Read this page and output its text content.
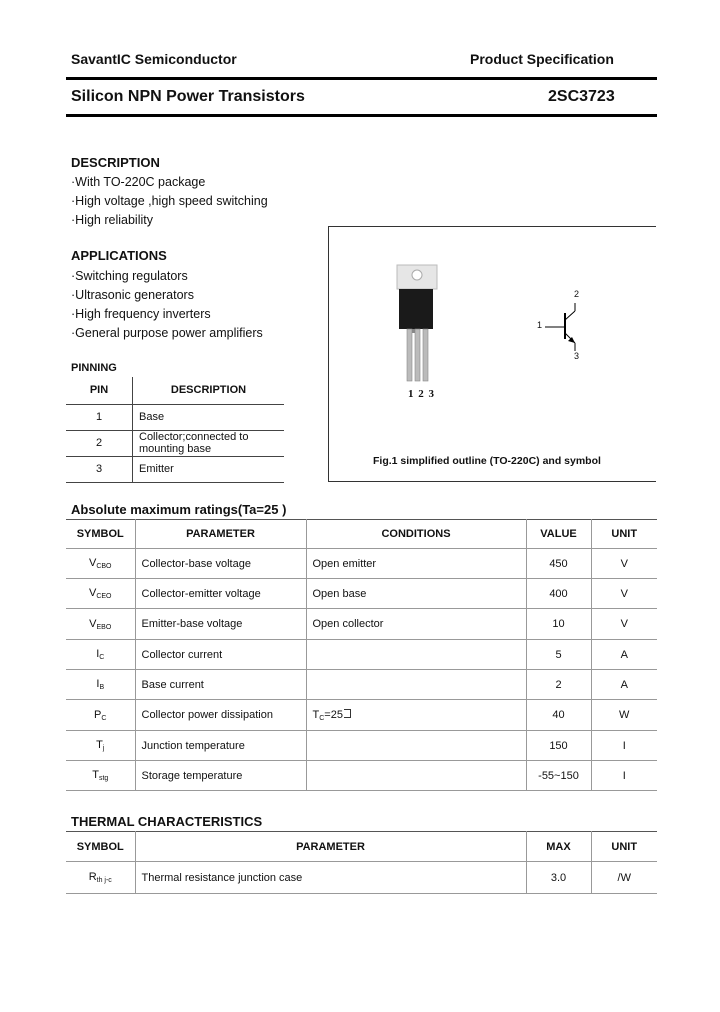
SavantIC Semiconductor	Product Specification
Silicon NPN Power Transistors	2SC3723
DESCRIPTION
·With TO-220C package
·High voltage ,high speed switching
·High reliability
APPLICATIONS
·Switching regulators
·Ultrasonic generators
·High frequency inverters
·General purpose power amplifiers
PINNING
PIN	DESCRIPTION
1	Base
2	Collector;connected to mounting base
3	Emitter
1 2 3
1
2
3
Fig.1 simplified outline (TO-220C) and symbol
Absolute maximum ratings(Ta=25 )
SYMBOL	PARAMETER	CONDITIONS	VALUE	UNIT
$V_{CBO}$	Collector-base voltage	Open emitter	450	V
$V_{CEO}$	Collector-emitter voltage	Open base	400	V
$V_{EBO}$	Emitter-base voltage	Open collector	10	V
$I_C$	Collector current		5	A
$I_B$	Base current		2	A
$P_C$	Collector power dissipation	$T_C=25$	40	W
$T_j$	Junction temperature		150	I
$T_{stg}$	Storage temperature		-55~150	I
THERMAL CHARACTERISTICS
SYMBOL	PARAMETER	MAX	UNIT
$R_{th j-c}$	Thermal resistance junction case	3.0	/W
